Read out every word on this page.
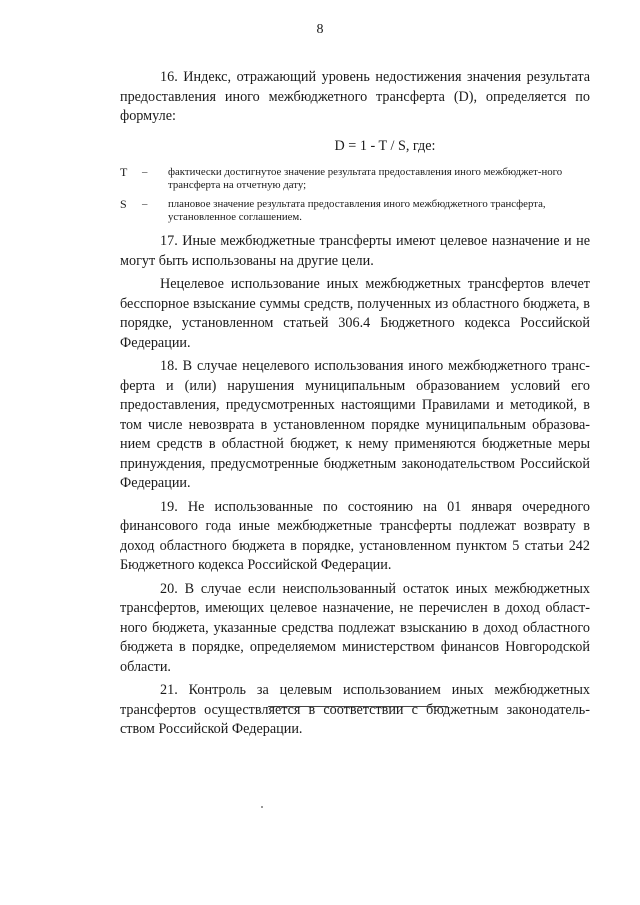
8

16. Индекс, отражающий уровень недостижения значения результата предоставления иного межбюджетного трансферта (D), определяется по формуле:

D = 1 - T / S, где:
T	–	фактически достигнутое значение результата предоставления иного межбюджет-ного трансферта на отчетную дату;
S	–	плановое значение результата предоставления иного межбюджетного трансферта, установленное соглашением.

17. Иные межбюджетные трансферты имеют целевое назначение и не могут быть использованы на другие цели.

Нецелевое использование иных межбюджетных трансфертов влечет бесспорное взыскание суммы средств, полученных из областного бюджета, в порядке, установленном статьей 306.4 Бюджетного кодекса Российской Федерации.

18. В случае нецелевого использования иного межбюджетного транс-ферта и (или) нарушения муниципальным образованием условий его предоставления, предусмотренных настоящими Правилами и методикой, в том числе невозврата в установленном порядке муниципальным образова-нием средств в областной бюджет, к нему применяются бюджетные меры принуждения, предусмотренные бюджетным законодательством Российской Федерации.

19. Не использованные по состоянию на 01 января очередного финансового года иные межбюджетные трансферты подлежат возврату в доход областного бюджета в порядке, установленном пунктом 5 статьи 242 Бюджетного кодекса Российской Федерации.

20. В случае если неиспользованный остаток иных межбюджетных трансфертов, имеющих целевое назначение, не перечислен в доход област-ного бюджета, указанные средства подлежат взысканию в доход областного бюджета в порядке, определяемом министерством финансов Новгородской области.

21. Контроль за целевым использованием иных межбюджетных трансфертов осуществляется в соответствии с бюджетным законодатель-ством Российской Федерации.
